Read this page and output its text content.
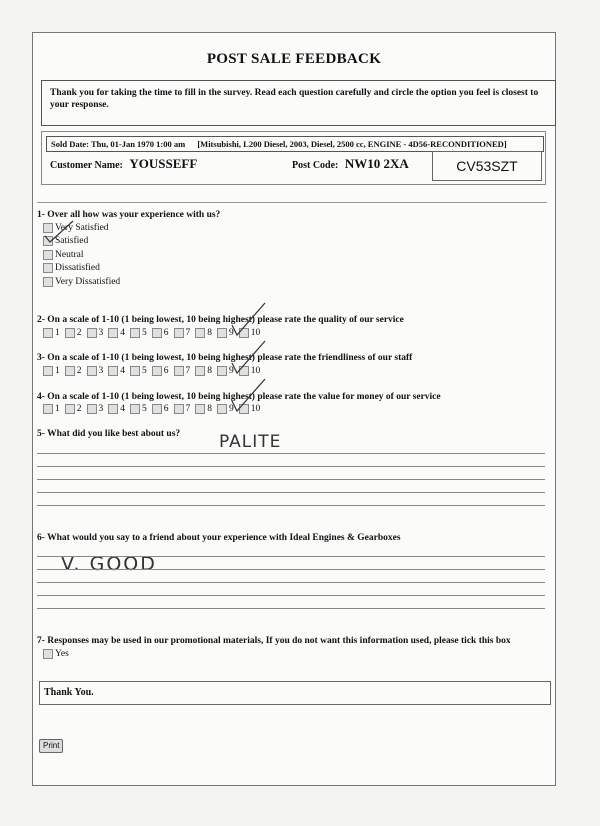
POST SALE FEEDBACK
Thank you for taking the time to fill in the survey. Read each question carefully and circle the option you feel is closest to your response.
Sold Date: Thu, 01-Jan 1970 1:00 am [Mitsubishi, L200 Diesel, 2003, Diesel, 2500 cc, ENGINE - 4D56-RECONDITIONED]
Customer Name: YOUSSEFF	Post Code: NW10 2XA	CV53SZT
1- Over all how was your experience with us?
Very Satisfied
Satisfied
Neutral
Dissatisfied
Very Dissatisfied
2- On a scale of 1-10 (1 being lowest, 10 being highest) please rate the quality of our service
1 2 3 4 5 6 7 8 9 10
3- On a scale of 1-10 (1 being lowest, 10 being highest) please rate the friendliness of our staff
1 2 3 4 5 6 7 8 9 10
4- On a scale of 1-10 (1 being lowest, 10 being highest) please rate the value for money of our service
1 2 3 4 5 6 7 8 9 10
5- What did you like best about us? PALITE
6- What would you say to a friend about your experience with Ideal Engines & Gearboxes
V. GOOD
7- Responses may be used in our promotional materials, If you do not want this information used, please tick this box
Yes
Thank You.
Print
